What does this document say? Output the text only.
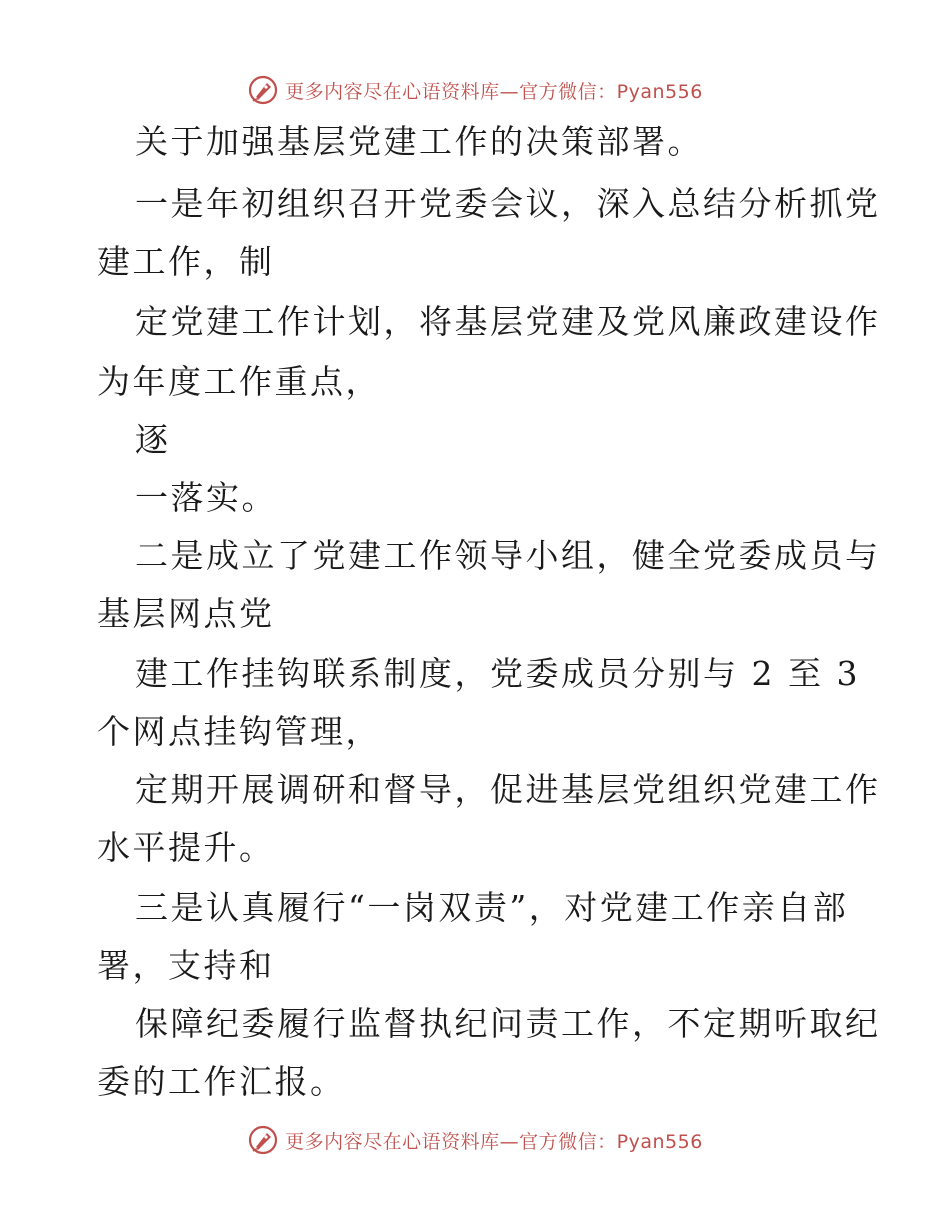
更多内容尽在心语资料库—官方微信：Pyan556
关于加强基层党建工作的决策部署。
一是年初组织召开党委会议，深入总结分析抓党
建工作，制
定党建工作计划，将基层党建及党风廉政建设作
为年度工作重点，
逐
一落实。
二是成立了党建工作领导小组，健全党委成员与
基层网点党
建工作挂钩联系制度，党委成员分别与 2 至 3
个网点挂钩管理，
定期开展调研和督导，促进基层党组织党建工作
水平提升。
三是认真履行“一岗双责”，对党建工作亲自部
署，支持和
保障纪委履行监督执纪问责工作，不定期听取纪
委的工作汇报。
更多内容尽在心语资料库—官方微信：Pyan556
